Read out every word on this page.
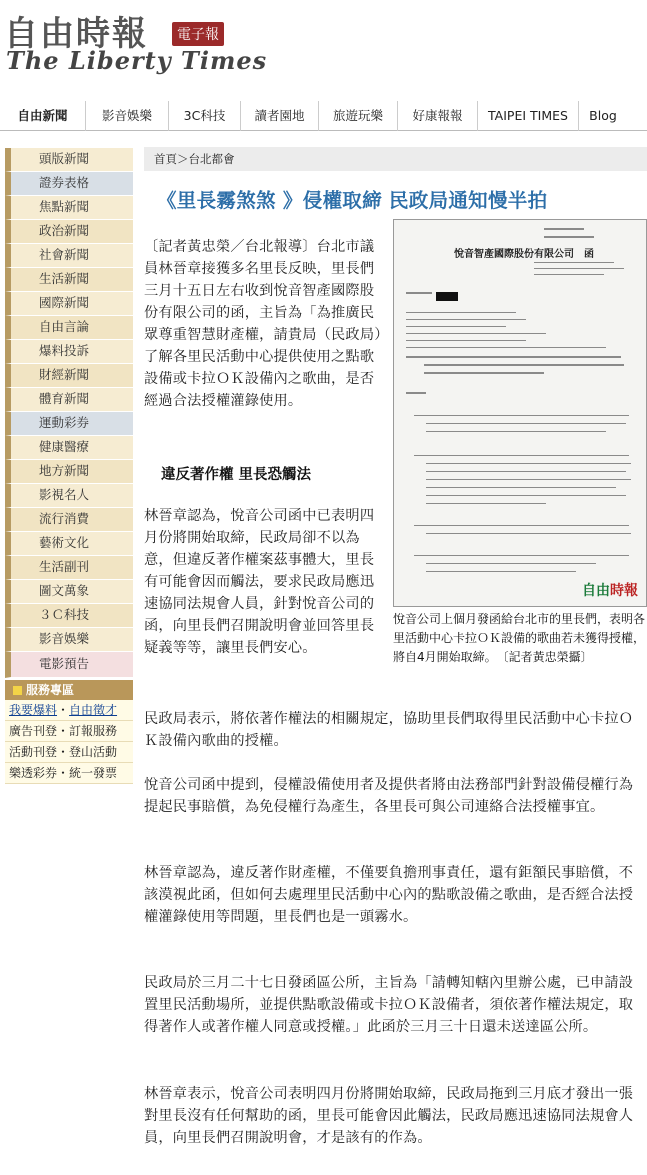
自由時報	電子報
The Liberty Times
自由新聞	影音娛樂	3C科技	讀者園地	旅遊玩樂	好康報報	TAIPEI TIMES	Blog
頭版新聞
證券表格
焦點新聞
政治新聞
社會新聞
生活新聞
國際新聞
自由言論
爆料投訴
財經新聞
體育新聞
運動彩券
健康醫療
地方新聞
影視名人
流行消費
藝術文化
生活副刊
圖文萬象
３Ｃ科技
影音娛樂
電影預告
服務專區
我要爆料・自由徵才
廣告刊登・訂報服務
活動刊登・登山活動
樂透彩券・統一發票
首頁＞台北都會
《里長霧煞煞 》侵權取締 民政局通知慢半拍
〔記者黃忠榮／台北報導〕台北市議員林晉章接獲多名里長反映，里長們三月十五日左右收到悅音智產國際股份有限公司的函，主旨為「為推廣民眾尊重智慧財產權，請貴局（民政局）了解各里民活動中心提供使用之點歌設備或卡拉ＯＫ設備內之歌曲，是否經過合法授權灌錄使用。
違反著作權 里長恐觸法
林晉章認為，悅音公司函中已表明四月份將開始取締，民政局卻不以為意，但違反著作權案茲事體大，里長有可能會因而觸法，要求民政局應迅速協同法規會人員，針對悅音公司的函，向里長們召開說明會並回答里長疑義等等，讓里長們安心。
悅音智產國際股份有限公司　函
自由時報
悅音公司上個月發函給台北市的里長們，表明各里活動中心卡拉ＯＫ設備的歌曲若未獲得授權，將自4月開始取締。　〔記者黃忠榮攝〕
民政局表示，將依著作權法的相關規定，協助里長們取得里民活動中心卡拉ＯＫ設備內歌曲的授權。
悅音公司函中提到，侵權設備使用者及提供者將由法務部門針對設備侵權行為提起民事賠償，為免侵權行為產生，各里長可與公司連絡合法授權事宜。
林晉章認為，違反著作財產權，不僅要負擔刑事責任，還有鉅額民事賠償，不該漠視此函，但如何去處理里民活動中心內的點歌設備之歌曲，是否經合法授權灌錄使用等問題，里長們也是一頭霧水。
民政局於三月二十七日發函區公所，主旨為「請轉知轄內里辦公處，已申請設置里民活動場所，並提供點歌設備或卡拉ＯＫ設備者，須依著作權法規定，取得著作人或著作權人同意或授權。」此函於三月三十日還未送達區公所。
林晉章表示，悅音公司表明四月份將開始取締，民政局拖到三月底才發出一張對里長沒有任何幫助的函，里長可能會因此觸法，民政局應迅速協同法規會人員，向里長們召開說明會，才是該有的作為。
